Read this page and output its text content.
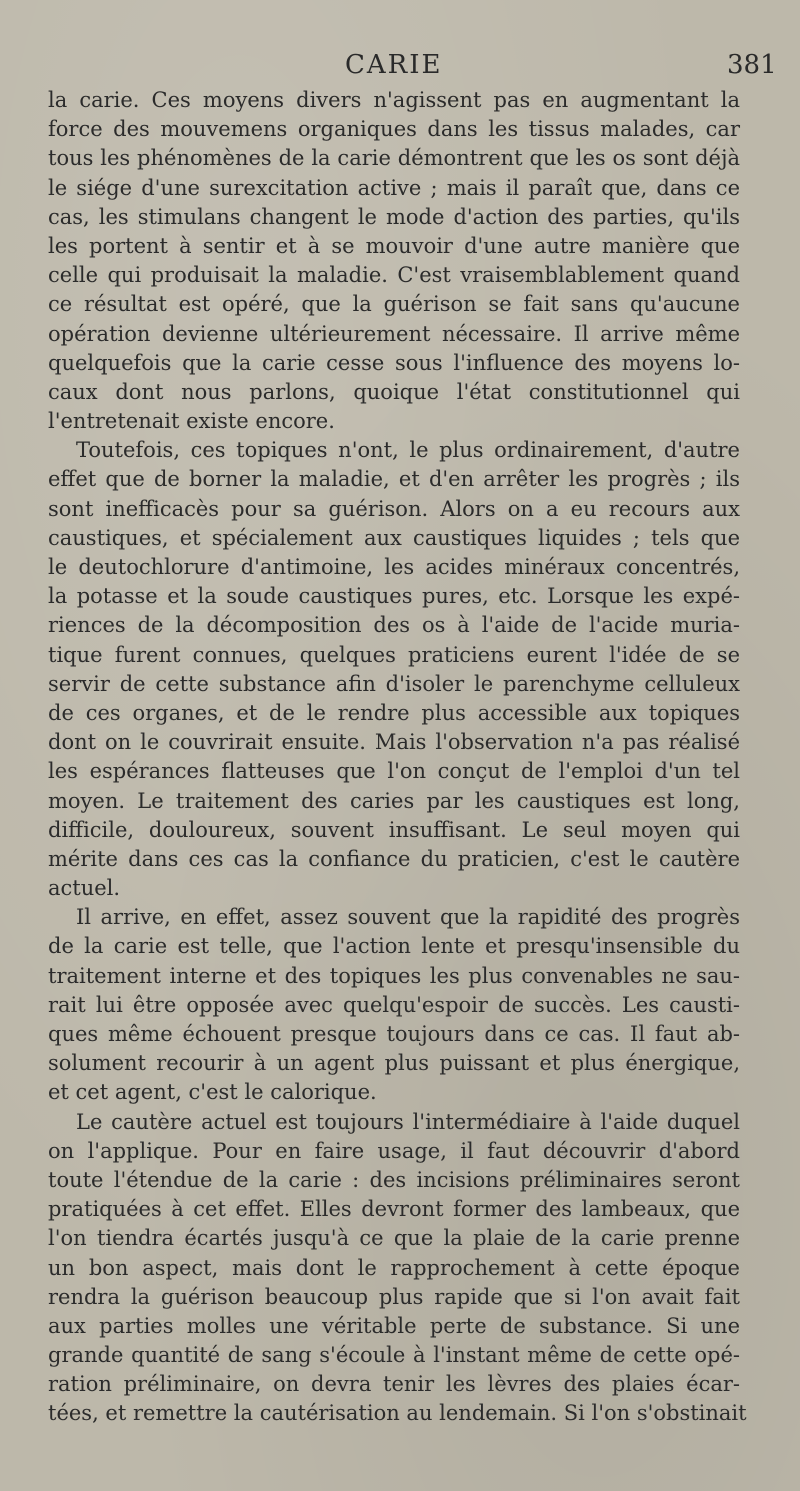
CARIE	381
la carie. Ces moyens divers n'agissent pas en augmentant la
force des mouvemens organiques dans les tissus malades, car
tous les phénomènes de la carie démontrent que les os sont déjà
le siége d'une surexcitation active ; mais il paraît que, dans ce
cas, les stimulans changent le mode d'action des parties, qu'ils
les portent à sentir et à se mouvoir d'une autre manière que
celle qui produisait la maladie. C'est vraisemblablement quand
ce résultat est opéré, que la guérison se fait sans qu'aucune
opération devienne ultérieurement nécessaire. Il arrive même
quelquefois que la carie cesse sous l'influence des moyens lo-
caux dont nous parlons, quoique l'état constitutionnel qui
l'entretenait existe encore.
Toutefois, ces topiques n'ont, le plus ordinairement, d'autre
effet que de borner la maladie, et d'en arrêter les progrès ; ils
sont inefficacès pour sa guérison. Alors on a eu recours aux
caustiques, et spécialement aux caustiques liquides ; tels que
le deutochlorure d'antimoine, les acides minéraux concentrés,
la potasse et la soude caustiques pures, etc. Lorsque les expé-
riences de la décomposition des os à l'aide de l'acide muria-
tique furent connues, quelques praticiens eurent l'idée de se
servir de cette substance afin d'isoler le parenchyme celluleux
de ces organes, et de le rendre plus accessible aux topiques
dont on le couvrirait ensuite. Mais l'observation n'a pas réalisé
les espérances flatteuses que l'on conçut de l'emploi d'un tel
moyen. Le traitement des caries par les caustiques est long,
difficile, douloureux, souvent insuffisant. Le seul moyen qui
mérite dans ces cas la confiance du praticien, c'est le cautère
actuel.
Il arrive, en effet, assez souvent que la rapidité des progrès
de la carie est telle, que l'action lente et presqu'insensible du
traitement interne et des topiques les plus convenables ne sau-
rait lui être opposée avec quelqu'espoir de succès. Les causti-
ques même échouent presque toujours dans ce cas. Il faut ab-
solument recourir à un agent plus puissant et plus énergique,
et cet agent, c'est le calorique.
Le cautère actuel est toujours l'intermédiaire à l'aide duquel
on l'applique. Pour en faire usage, il faut découvrir d'abord
toute l'étendue de la carie : des incisions préliminaires seront
pratiquées à cet effet. Elles devront former des lambeaux, que
l'on tiendra écartés jusqu'à ce que la plaie de la carie prenne
un bon aspect, mais dont le rapprochement à cette époque
rendra la guérison beaucoup plus rapide que si l'on avait fait
aux parties molles une véritable perte de substance. Si une
grande quantité de sang s'écoule à l'instant même de cette opé-
ration préliminaire, on devra tenir les lèvres des plaies écar-
tées, et remettre la cautérisation au lendemain. Si l'on s'obstinait
